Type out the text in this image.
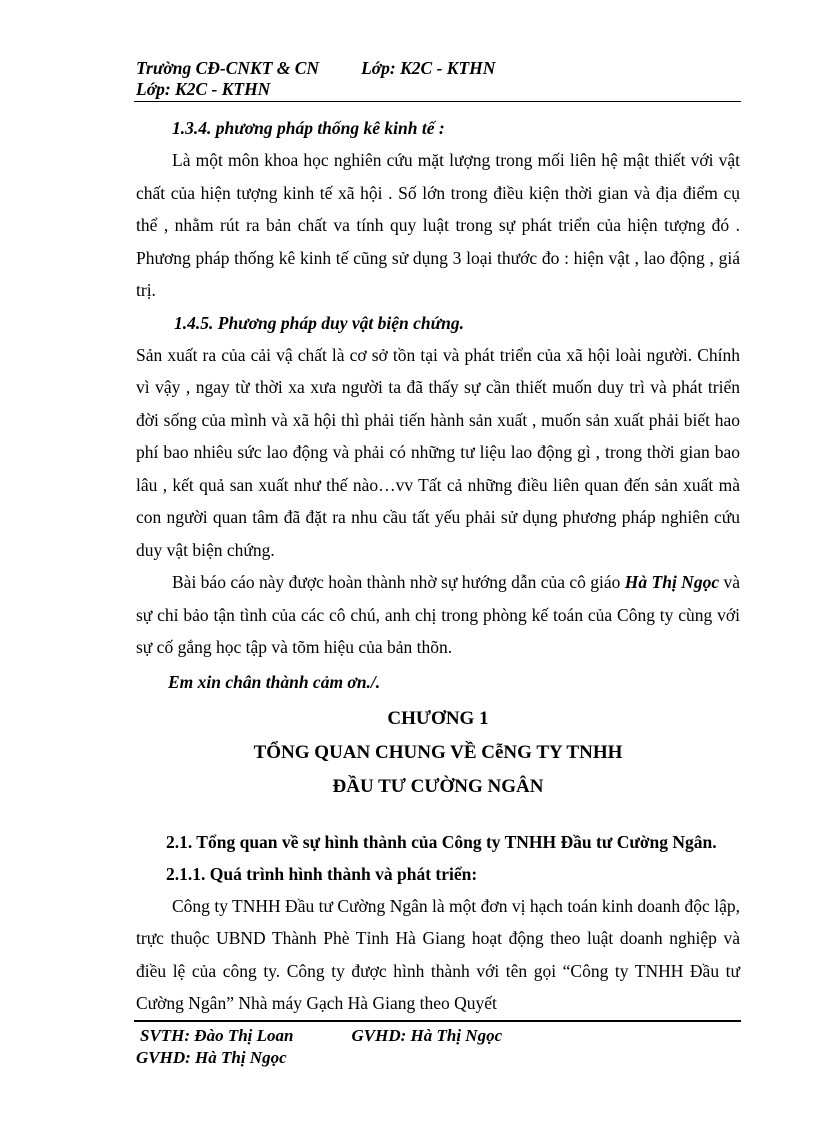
Trường CĐ-CNKT & CN Lớp: K2C - KTHN
Lớp: K2C - KTHN
1.3.4. phương pháp thống kê kinh tế :

Là một môn khoa học nghiên cứu mặt lượng trong mối liên hệ mật thiết với vật chất của hiện tượng kinh tế xã hội . Số lớn trong điều kiện thời gian và địa điểm cụ thể , nhằm rút ra bản chất va tính quy luật trong sự phát triển của hiện tượng đó . Phương pháp thống kê kinh tế cũng sử dụng 3 loại thước đo : hiện vật , lao động , giá trị.

1.4.5. Phương pháp duy vật biện chứng.

Sản xuất ra của cải vậ chất là cơ sở tồn tại và phát triển của xã hội loài người. Chính vì vậy , ngay từ thời xa xưa người ta đã thấy sự cần thiết muốn duy trì và phát triển đời sống của mình và xã hội thì phải tiến hành sản xuất , muốn sản xuất phải biết hao phí bao nhiêu sức lao động và phải có những tư liệu lao động gì , trong thời gian bao lâu , kết quả san xuất như thế nào…vv Tất cả những điều liên quan đến sản xuất mà con người quan tâm đã đặt ra nhu cầu tất yếu phải sử dụng phương pháp nghiên cứu duy vật biện chứng.

Bài báo cáo này được hoàn thành nhờ sự hướng dẫn của cô giáo Hà Thị Ngọc và sự chỉ bảo tận tình của các cô chú, anh chị trong phòng kế toán của Công ty cùng với sự cố gắng học tập và tõm hiệu của bản thõn.

Em xin chân thành cảm ơn./.
CHƯƠNG 1
TỔNG QUAN CHUNG VỀ CễNG TY TNHH
ĐẦU TƯ CƯỜNG NGÂN
2.1. Tổng quan về sự hình thành của Công ty TNHH Đầu tư Cường Ngân.
2.1.1. Quá trình hình thành và phát triển:

Công ty TNHH Đầu tư Cường Ngân là một đơn vị hạch toán kinh doanh độc lập, trực thuộc UBND Thành Phè Tỉnh Hà Giang hoạt động theo luật doanh nghiệp và điều lệ của công ty. Công ty được hình thành với tên gọi “Công ty TNHH Đầu tư Cường Ngân” Nhà máy Gạch Hà Giang theo Quyết

SVTH: Đào Thị Loan	GVHD: Hà Thị Ngọc
GVHD: Hà Thị Ngọc
